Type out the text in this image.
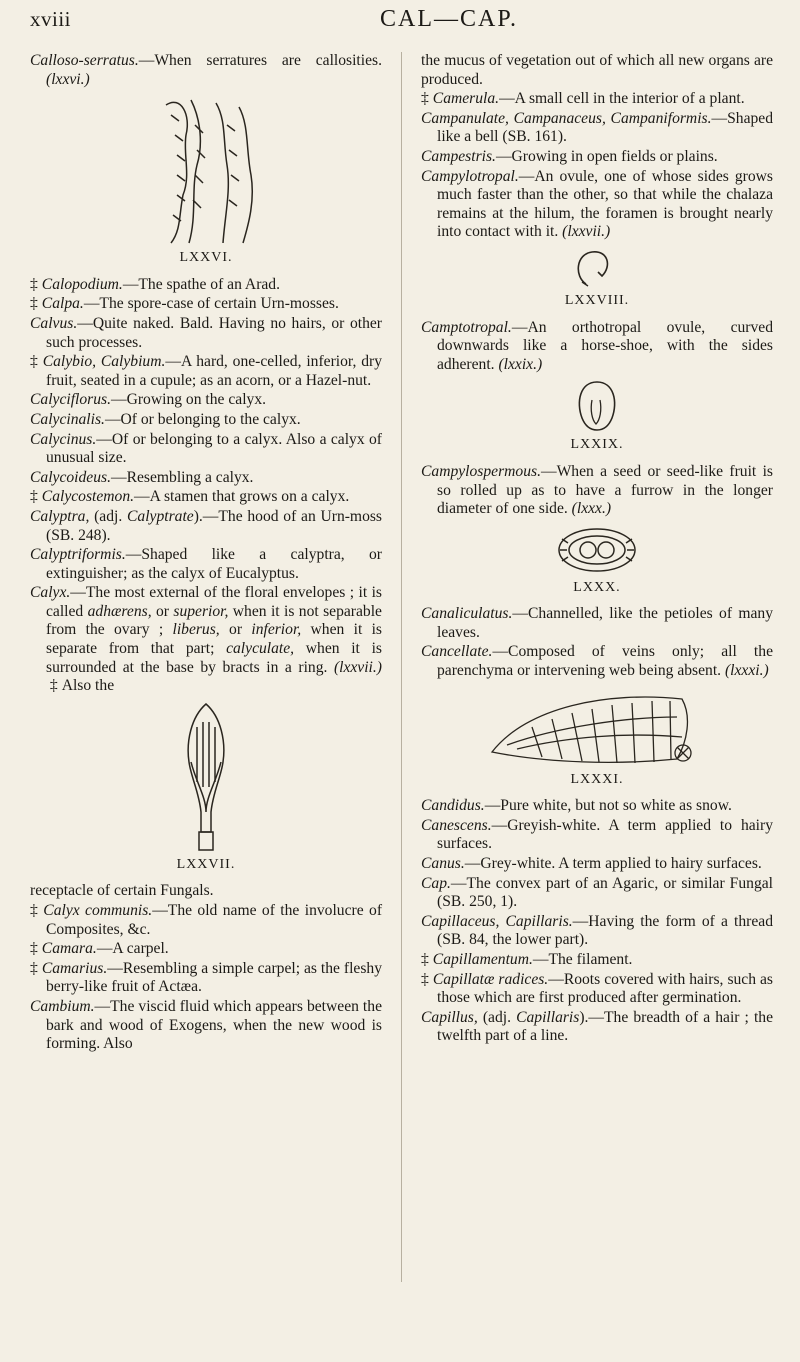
xviii	CAL—CAP.

Calloso-serratus.—When serratures are callosities. (lxxvi.)

LXXVI.

‡ Calopodium.—The spathe of an Arad.

‡ Calpa.—The spore-case of certain Urn-mosses.

Calvus.—Quite naked. Bald. Having no hairs, or other such processes.

‡ Calybio, Calybium.—A hard, one-celled, inferior, dry fruit, seated in a cupule; as an acorn, or a Hazel-nut.

Calyciflorus.—Growing on the calyx.

Calycinalis.—Of or belonging to the calyx.

Calycinus.—Of or belonging to a calyx. Also a calyx of unusual size.

Calycoideus.—Resembling a calyx.

‡ Calycostemon.—A stamen that grows on a calyx.

Calyptra, (adj. Calyptrate).—The hood of an Urn-moss (SB. 248).

Calyptriformis.—Shaped like a calyptra, or extinguisher; as the calyx of Eucalyptus.

Calyx.—The most external of the floral envelopes ; it is called adhærens, or superior, when it is not separable from the ovary ; liberus, or inferior, when it is separate from that part; calyculate, when it is surrounded at the base by bracts in a ring. (lxxvii.)  ‡ Also the

LXXVII.

receptacle of certain Fungals.

‡ Calyx communis.—The old name of the involucre of Composites, &c.

‡ Camara.—A carpel.

‡ Camarius.—Resembling a simple carpel; as the fleshy berry-like fruit of Actæa.

Cambium.—The viscid fluid which appears between the bark and wood of Exogens, when the new wood is forming. Also

the mucus of vegetation out of which all new organs are produced.

‡ Camerula.—A small cell in the interior of a plant.

Campanulate, Campanaceus, Campaniformis.—Shaped like a bell (SB. 161).

Campestris.—Growing in open fields or plains.

Campylotropal.—An ovule, one of whose sides grows much faster than the other, so that while the chalaza remains at the hilum, the foramen is brought nearly into contact with it. (lxxvii.)

LXXVIII.

Camptotropal.—An orthotropal ovule, curved downwards like a horse-shoe, with the sides adherent. (lxxix.)

LXXIX.

Campylospermous.—When a seed or seed-like fruit is so rolled up as to have a furrow in the longer diameter of one side. (lxxx.)

LXXX.

Canaliculatus.—Channelled, like the petioles of many leaves.

Cancellate.—Composed of veins only; all the parenchyma or intervening web being absent. (lxxxi.)

LXXXI.

Candidus.—Pure white, but not so white as snow.

Canescens.—Greyish-white. A term applied to hairy surfaces.

Canus.—Grey-white. A term applied to hairy surfaces.

Cap.—The convex part of an Agaric, or similar Fungal (SB. 250, 1).

Capillaceus, Capillaris.—Having the form of a thread (SB. 84, the lower part).

‡ Capillamentum.—The filament.

‡ Capillatæ radices.—Roots covered with hairs, such as those which are first produced after germination.

Capillus, (adj. Capillaris).—The breadth of a hair ; the twelfth part of a line.
